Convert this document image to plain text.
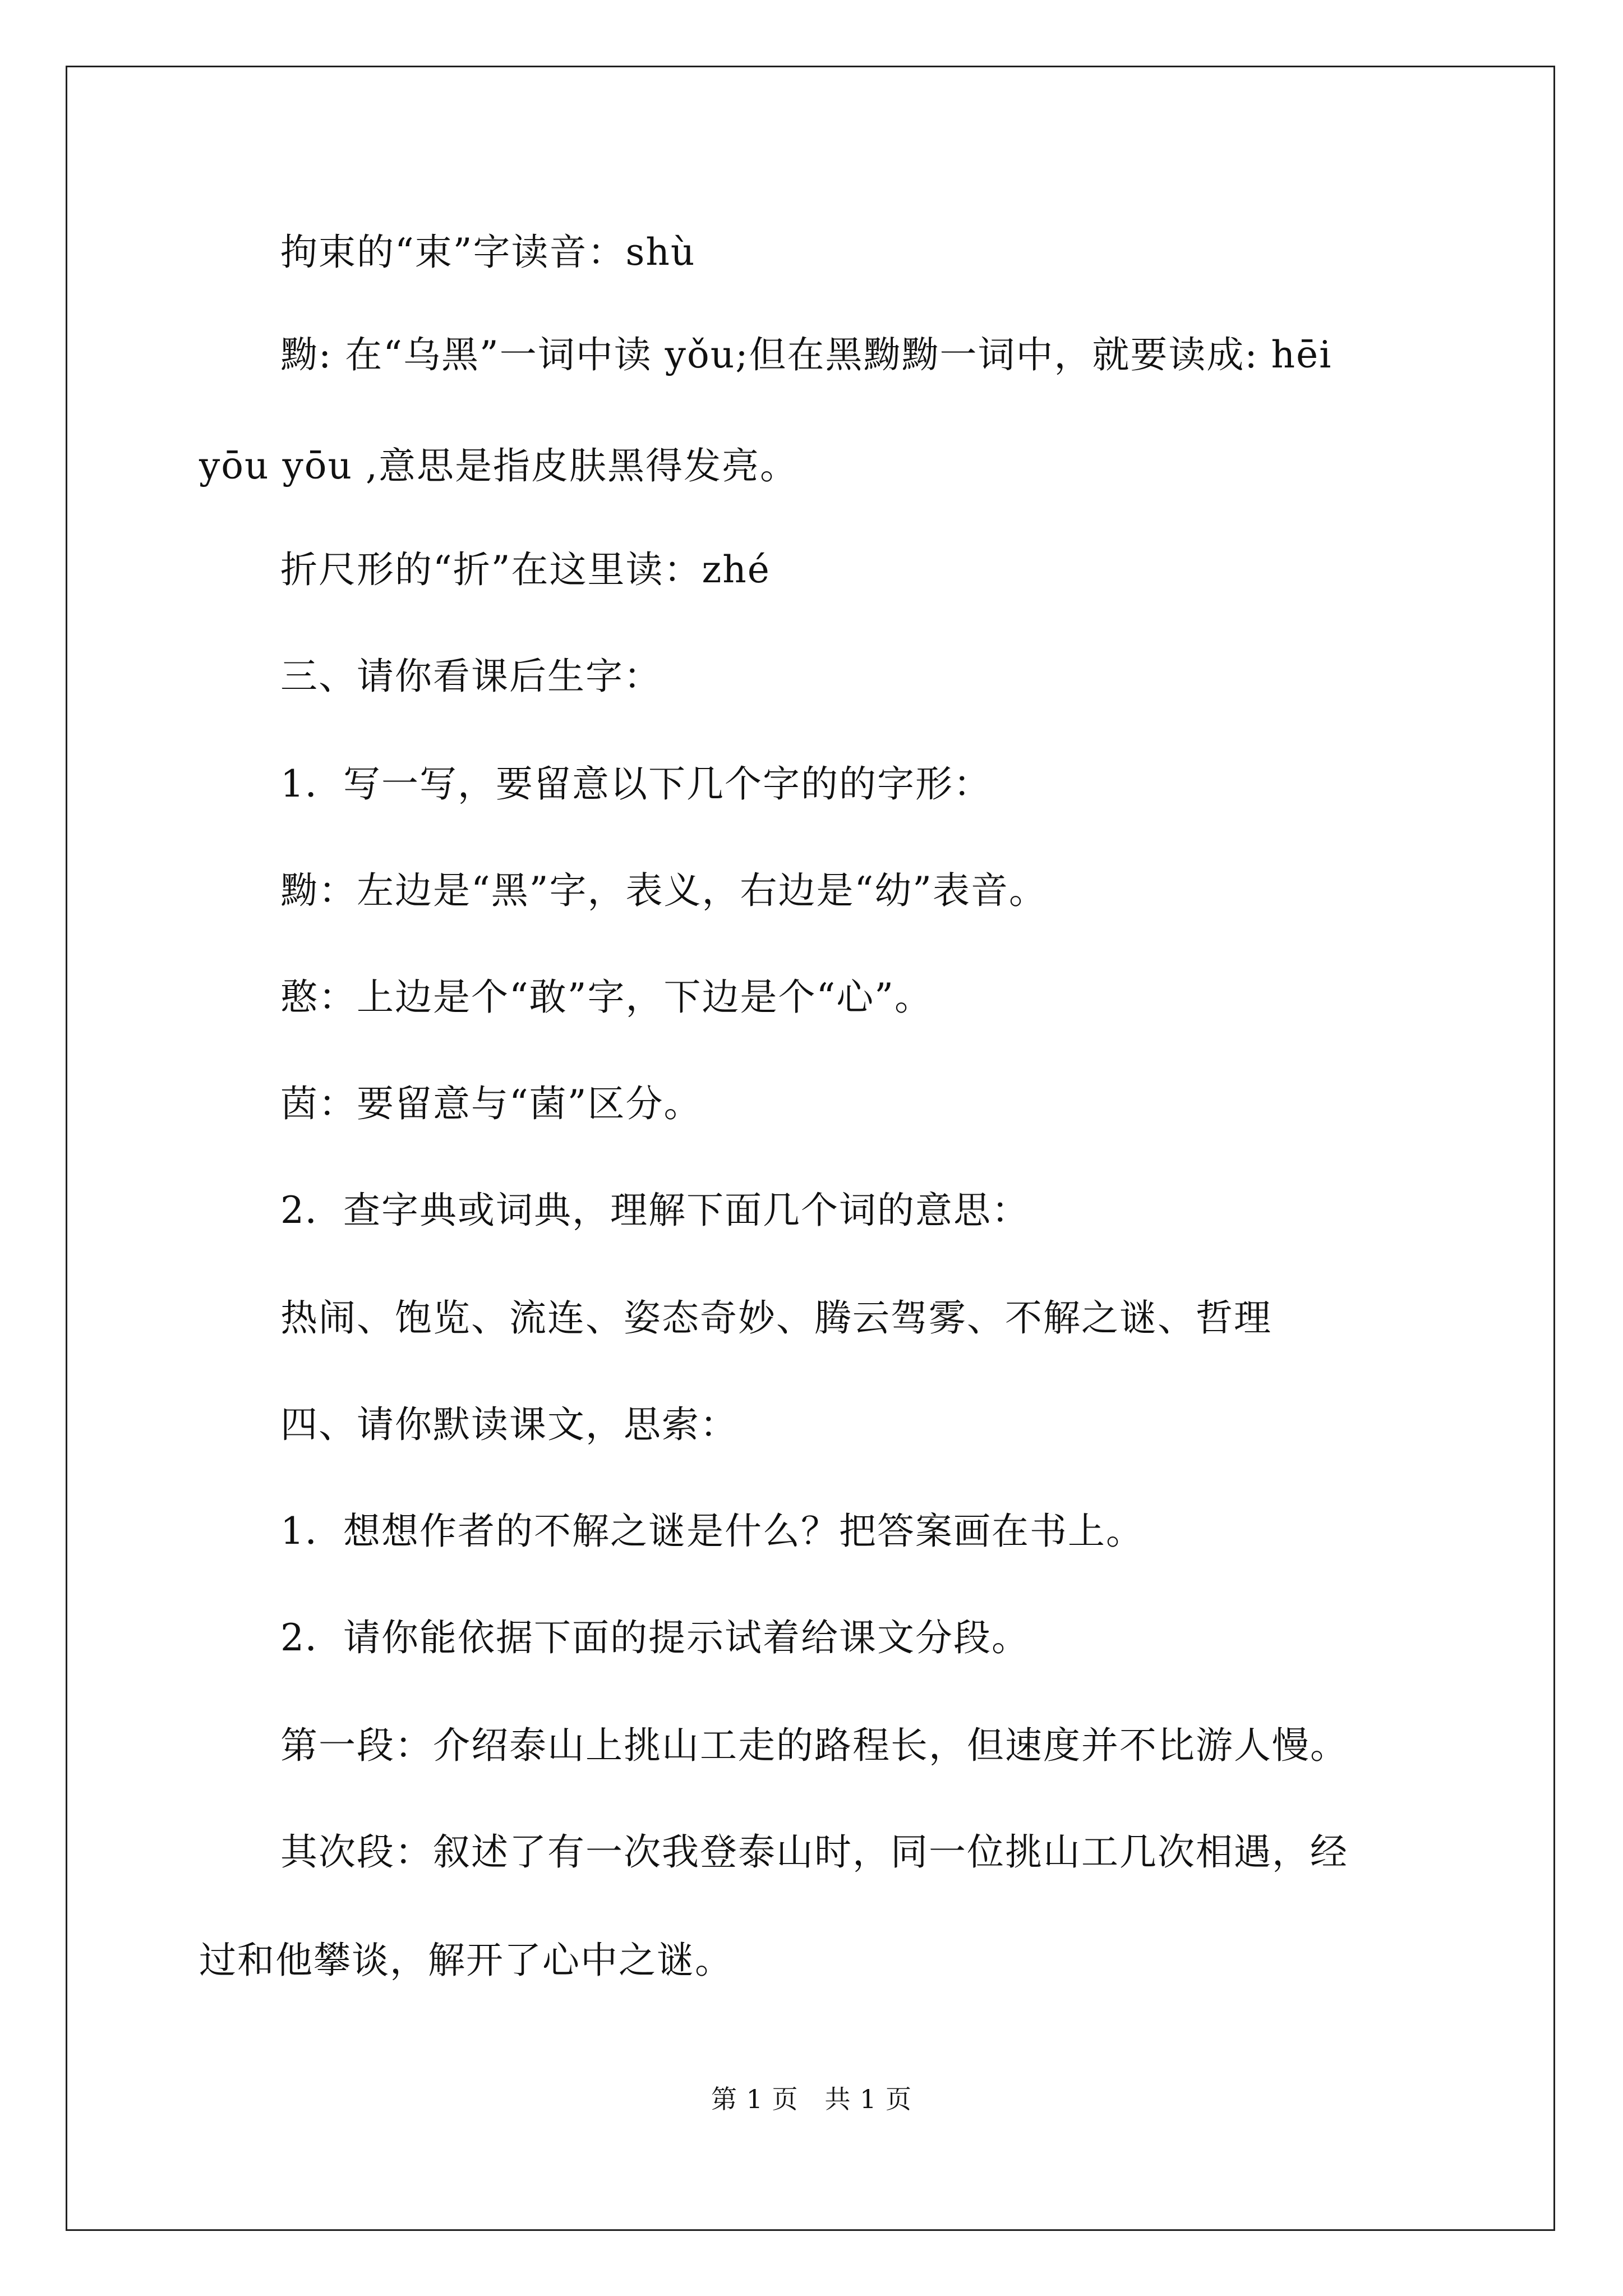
拘束的“束”字读音：shù
黝: 在“乌黑”一词中读 yǒu;但在黑黝黝一词中，就要读成: hēi
yōu yōu ,意思是指皮肤黑得发亮。
折尺形的“折”在这里读：zhé
三、请你看课后生字：
1．写一写，要留意以下几个字的的字形：
黝：左边是“黑”字，表义，右边是“幼”表音。
憨：上边是个“敢”字，下边是个“心”。
茵：要留意与“菌”区分。
2．查字典或词典，理解下面几个词的意思：
热闹、饱览、流连、姿态奇妙、腾云驾雾、不解之谜、哲理
四、请你默读课文，思索：
1．想想作者的不解之谜是什么？把答案画在书上。
2．请你能依据下面的提示试着给课文分段。
第一段：介绍泰山上挑山工走的路程长，但速度并不比游人慢。
其次段：叙述了有一次我登泰山时，同一位挑山工几次相遇，经
过和他攀谈，解开了心中之谜。
第 1 页　共 1 页
